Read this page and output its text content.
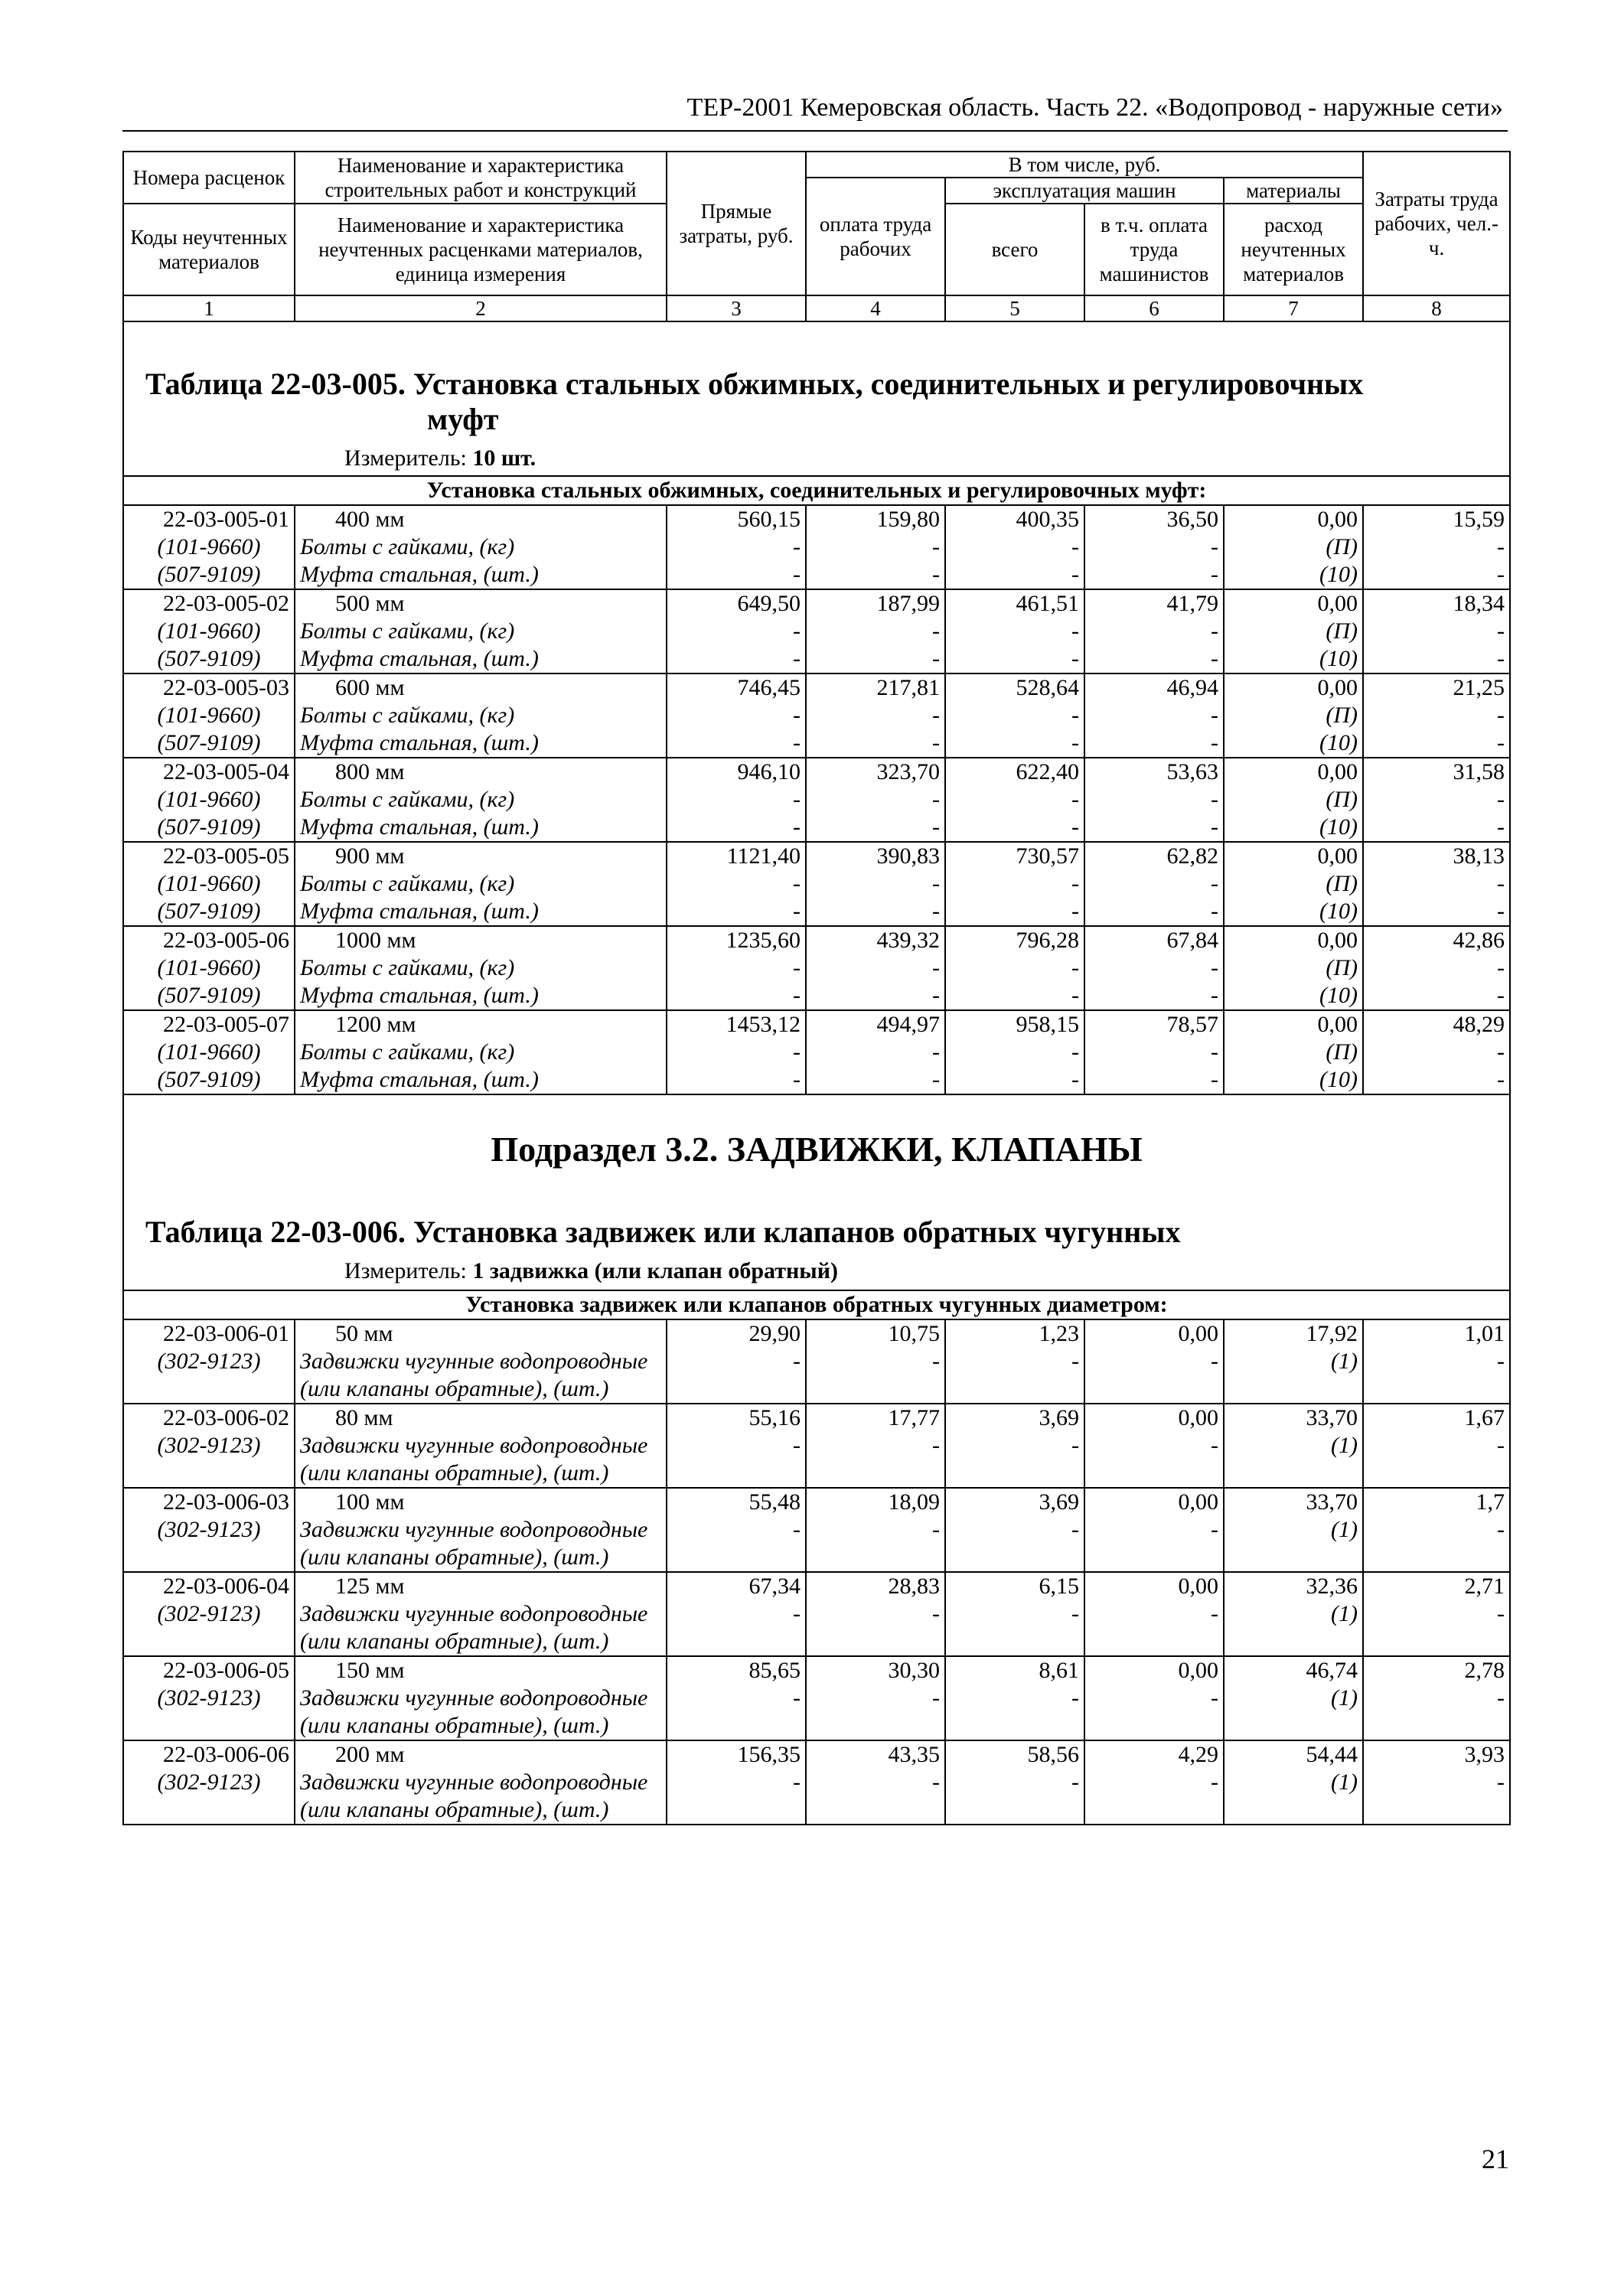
ТЕР-2001 Кемеровская область. Часть 22. «Водопровод - наружные сети»
Номера расценок	Наименование и характеристика строительных работ и конструкций	Прямые затраты, руб.	В том числе, руб.				Затраты труда рабочих, чел.-ч.
			оплата труда рабочих	эксплуатация машин		материалы	
Коды неучтенных материалов	Наименование и характеристика неучтенных расценками материалов, единица измерения			всего	в т.ч. оплата труда машинистов	расход неучтенных материалов	

1	2	3	4	5	6	7	8

Таблица 22-03-005. Установка стальных обжимных, соединительных и регулировочных
муфт
Измеритель: 10 шт.							

Установка стальных обжимных, соединительных и регулировочных муфт:							
22-03-005-01	400 мм	560,15	159,80	400,35	36,50	0,00	15,59
(101-9660)	Болты с гайками, (кг)	-	-	-	-	(П)	-
(507-9109)	Муфта стальная, (шт.)	-	-	-	-	(10)	-
22-03-005-02	500 мм	649,50	187,99	461,51	41,79	0,00	18,34
(101-9660)	Болты с гайками, (кг)	-	-	-	-	(П)	-
(507-9109)	Муфта стальная, (шт.)	-	-	-	-	(10)	-
22-03-005-03	600 мм	746,45	217,81	528,64	46,94	0,00	21,25
(101-9660)	Болты с гайками, (кг)	-	-	-	-	(П)	-
(507-9109)	Муфта стальная, (шт.)	-	-	-	-	(10)	-
22-03-005-04	800 мм	946,10	323,70	622,40	53,63	0,00	31,58
(101-9660)	Болты с гайками, (кг)	-	-	-	-	(П)	-
(507-9109)	Муфта стальная, (шт.)	-	-	-	-	(10)	-
22-03-005-05	900 мм	1121,40	390,83	730,57	62,82	0,00	38,13
(101-9660)	Болты с гайками, (кг)	-	-	-	-	(П)	-
(507-9109)	Муфта стальная, (шт.)	-	-	-	-	(10)	-
22-03-005-06	1000 мм	1235,60	439,32	796,28	67,84	0,00	42,86
(101-9660)	Болты с гайками, (кг)	-	-	-	-	(П)	-
(507-9109)	Муфта стальная, (шт.)	-	-	-	-	(10)	-
22-03-005-07	1200 мм	1453,12	494,97	958,15	78,57	0,00	48,29
(101-9660)	Болты с гайками, (кг)	-	-	-	-	(П)	-
(507-9109)	Муфта стальная, (шт.)	-	-	-	-	(10)	-

Подраздел 3.2. ЗАДВИЖКИ, КЛАПАНЫ
Таблица 22-03-006. Установка задвижек или клапанов обратных чугунных
Измеритель: 1 задвижка (или клапан обратный)							

Установка задвижек или клапанов обратных чугунных диаметром:							
22-03-006-01	50 мм	29,90	10,75	1,23	0,00	17,92	1,01
(302-9123)	Задвижки чугунные водопроводные (или клапаны обратные), (шт.)	-	-	-	-	(1)	-
22-03-006-02	80 мм	55,16	17,77	3,69	0,00	33,70	1,67
(302-9123)	Задвижки чугунные водопроводные (или клапаны обратные), (шт.)	-	-	-	-	(1)	-
22-03-006-03	100 мм	55,48	18,09	3,69	0,00	33,70	1,7
(302-9123)	Задвижки чугунные водопроводные (или клапаны обратные), (шт.)	-	-	-	-	(1)	-
22-03-006-04	125 мм	67,34	28,83	6,15	0,00	32,36	2,71
(302-9123)	Задвижки чугунные водопроводные (или клапаны обратные), (шт.)	-	-	-	-	(1)	-
22-03-006-05	150 мм	85,65	30,30	8,61	0,00	46,74	2,78
(302-9123)	Задвижки чугунные водопроводные (или клапаны обратные), (шт.)	-	-	-	-	(1)	-
22-03-006-06	200 мм	156,35	43,35	58,56	4,29	54,44	3,93
(302-9123)	Задвижки чугунные водопроводные (или клапаны обратные), (шт.)	-	-	-	-	(1)	-
21
